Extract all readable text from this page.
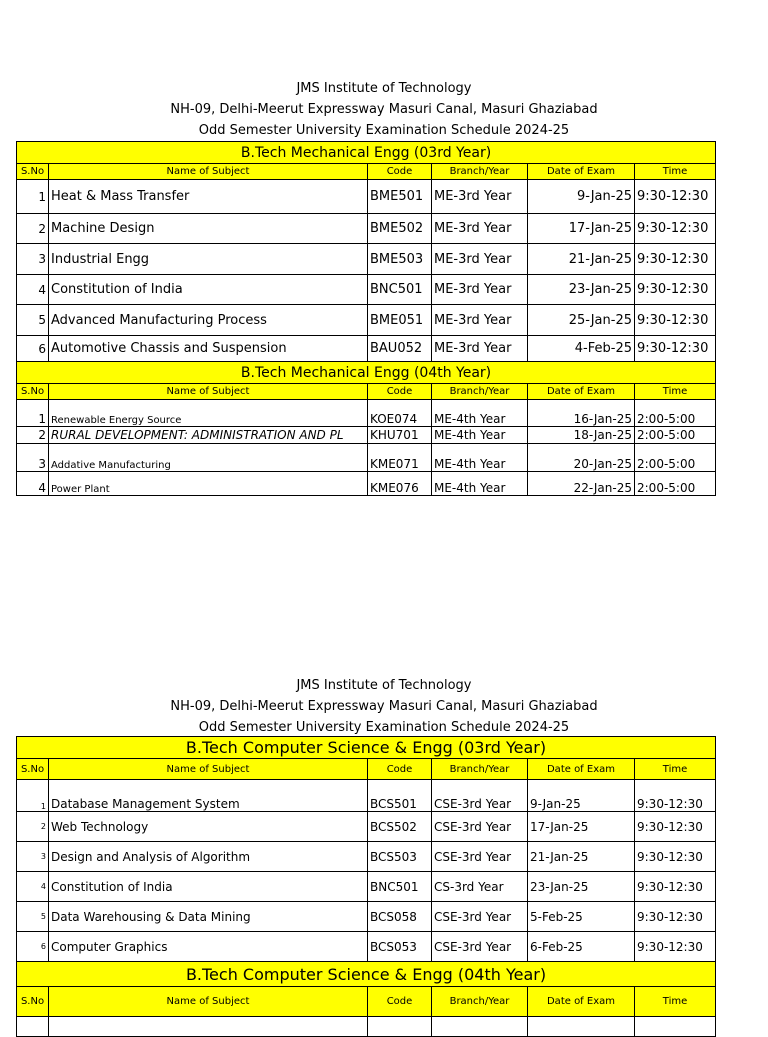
JMS Institute of Technology
NH-09, Delhi-Meerut Expressway Masuri Canal, Masuri Ghaziabad
Odd Semester University Examination Schedule 2024-25
B.Tech Mechanical Engg (03rd Year)					
S.No	Name of Subject	Code	Branch/Year	Date of Exam	Time
1	Heat & Mass Transfer	BME501	ME-3rd Year	9-Jan-25	9:30-12:30
2	Machine Design	BME502	ME-3rd Year	17-Jan-25	9:30-12:30
3	Industrial Engg	BME503	ME-3rd Year	21-Jan-25	9:30-12:30
4	Constitution of India	BNC501	ME-3rd Year	23-Jan-25	9:30-12:30
5	Advanced Manufacturing Process	BME051	ME-3rd Year	25-Jan-25	9:30-12:30
6	Automotive Chassis and Suspension	BAU052	ME-3rd Year	4-Feb-25	9:30-12:30
B.Tech Mechanical Engg (04th Year)					
S.No	Name of Subject	Code	Branch/Year	Date of Exam	Time
1	Renewable Energy Source	KOE074	ME-4th Year	16-Jan-25	2:00-5:00
2	RURAL DEVELOPMENT: ADMINISTRATION AND PL	KHU701	ME-4th Year	18-Jan-25	2:00-5:00
3	Addative Manufacturing	KME071	ME-4th Year	20-Jan-25	2:00-5:00
4	Power Plant	KME076	ME-4th Year	22-Jan-25	2:00-5:00
JMS Institute of Technology
NH-09, Delhi-Meerut Expressway Masuri Canal, Masuri Ghaziabad
Odd Semester University Examination Schedule 2024-25
B.Tech Computer Science & Engg (03rd Year)					
S.No	Name of Subject	Code	Branch/Year	Date of Exam	Time
1	Database Management System	BCS501	CSE-3rd Year	9-Jan-25	9:30-12:30
2	Web Technology	BCS502	CSE-3rd Year	17-Jan-25	9:30-12:30
3	Design and Analysis of Algorithm	BCS503	CSE-3rd Year	21-Jan-25	9:30-12:30
4	Constitution of India	BNC501	CS-3rd Year	23-Jan-25	9:30-12:30
5	Data Warehousing & Data Mining	BCS058	CSE-3rd Year	5-Feb-25	9:30-12:30
6	Computer Graphics	BCS053	CSE-3rd Year	6-Feb-25	9:30-12:30
B.Tech Computer Science & Engg (04th Year)					
S.No	Name of Subject	Code	Branch/Year	Date of Exam	Time
